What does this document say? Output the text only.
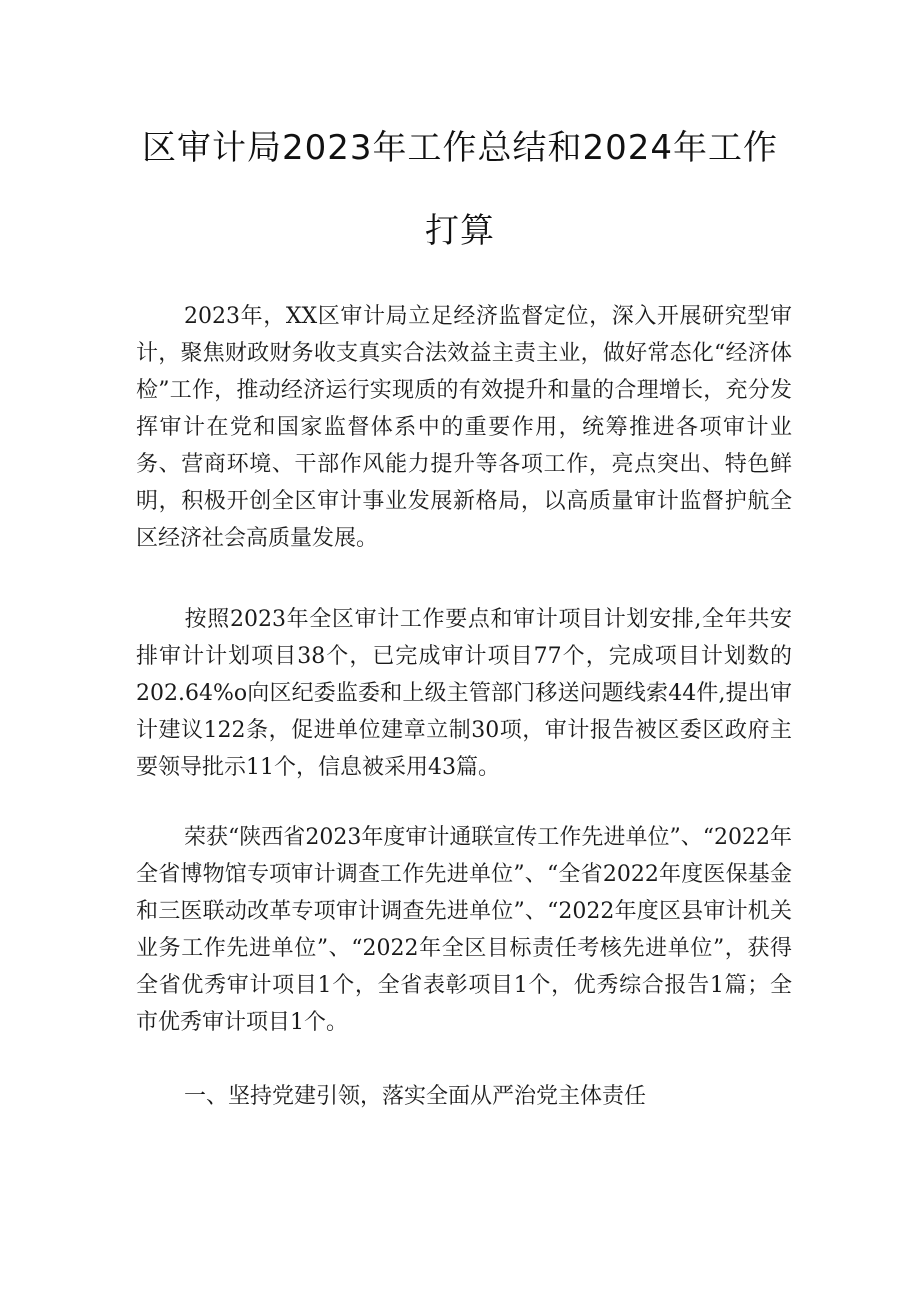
区审计局2023年工作总结和2024年工作
打算

2023年，XX区审计局立足经济监督定位，深入开展研究型审计，聚焦财政财务收支真实合法效益主责主业，做好常态化“经济体检”工作，推动经济运行实现质的有效提升和量的合理增长，充分发挥审计在党和国家监督体系中的重要作用，统筹推进各项审计业务、营商环境、干部作风能力提升等各项工作，亮点突出、特色鲜明，积极开创全区审计事业发展新格局，以高质量审计监督护航全区经济社会高质量发展。

按照2023年全区审计工作要点和审计项目计划安排,全年共安排审计计划项目38个，已完成审计项目77个，完成项目计划数的202.64%o向区纪委监委和上级主管部门移送问题线索44件,提出审计建议122条，促进单位建章立制30项，审计报告被区委区政府主要领导批示11个，信息被采用43篇。

荣获“陕西省2023年度审计通联宣传工作先进单位”、“2022年全省博物馆专项审计调查工作先进单位”、“全省2022年度医保基金和三医联动改革专项审计调查先进单位”、“2022年度区县审计机关业务工作先进单位”、“2022年全区目标责任考核先进单位”，获得全省优秀审计项目1个，全省表彰项目1个，优秀综合报告1篇；全市优秀审计项目1个。

一、坚持党建引领，落实全面从严治党主体责任
